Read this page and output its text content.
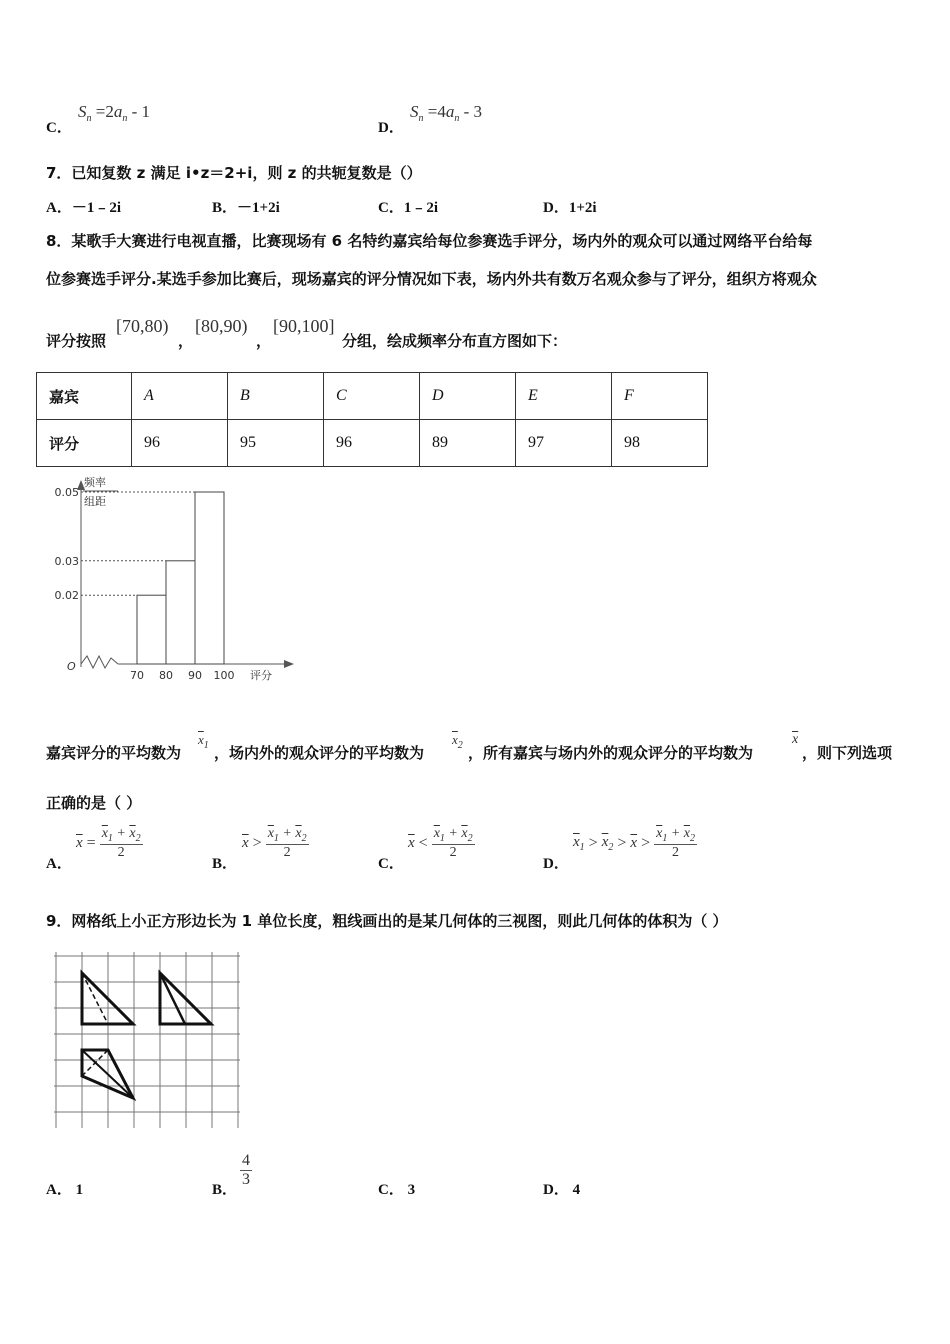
C．
$S_n =2a_n - 1$
D．
$S_n =4a_n - 3$
7．已知复数 z 满足 i•z＝2+i，则 z 的共轭复数是（）
A．－1﹣2i	B．－1+2i	C．1﹣2i	D．1+2i
8．某歌手大赛进行电视直播，比赛现场有 6 名特约嘉宾给每位参赛选手评分，场内外的观众可以通过网络平台给每
位参赛选手评分.某选手参加比赛后，现场嘉宾的评分情况如下表，场内外共有数万名观众参与了评分，组织方将观众
评分按照
[70,80)
，
[80,90)
，
[90,100]
分组，绘成频率分布直方图如下：
嘉宾	A	B	C	D	E	F
评分	96	95	96	89	97	98
频率
组距
评分
O
0.05
0.03
0.02
70 80 90 100
嘉宾评分的平均数为
$\overline{x}_1$ ，场内外的观众评分的平均数为
$\overline{x}_2$ ，所有嘉宾与场内外的观众评分的平均数为
$\overline{x}$
，则下列选项
正确的是（ ）
A．
$\overline{x} = \frac{\overline{x}_1 + \overline{x}_2}{2}$
B．
$\overline{x} > \frac{\overline{x}_1 + \overline{x}_2}{2}$
C．
$\overline{x} < \frac{\overline{x}_1 + \overline{x}_2}{2}$
D．
$\overline{x}_1 > \overline{x}_2 > \overline{x} > \frac{\overline{x}_1 + \overline{x}_2}{2}$
9．网格纸上小正方形边长为 1 单位长度，粗线画出的是某几何体的三视图，则此几何体的体积为（ ）
A． 1	B．
$\frac{4}{3}$
C． 3	D． 4
